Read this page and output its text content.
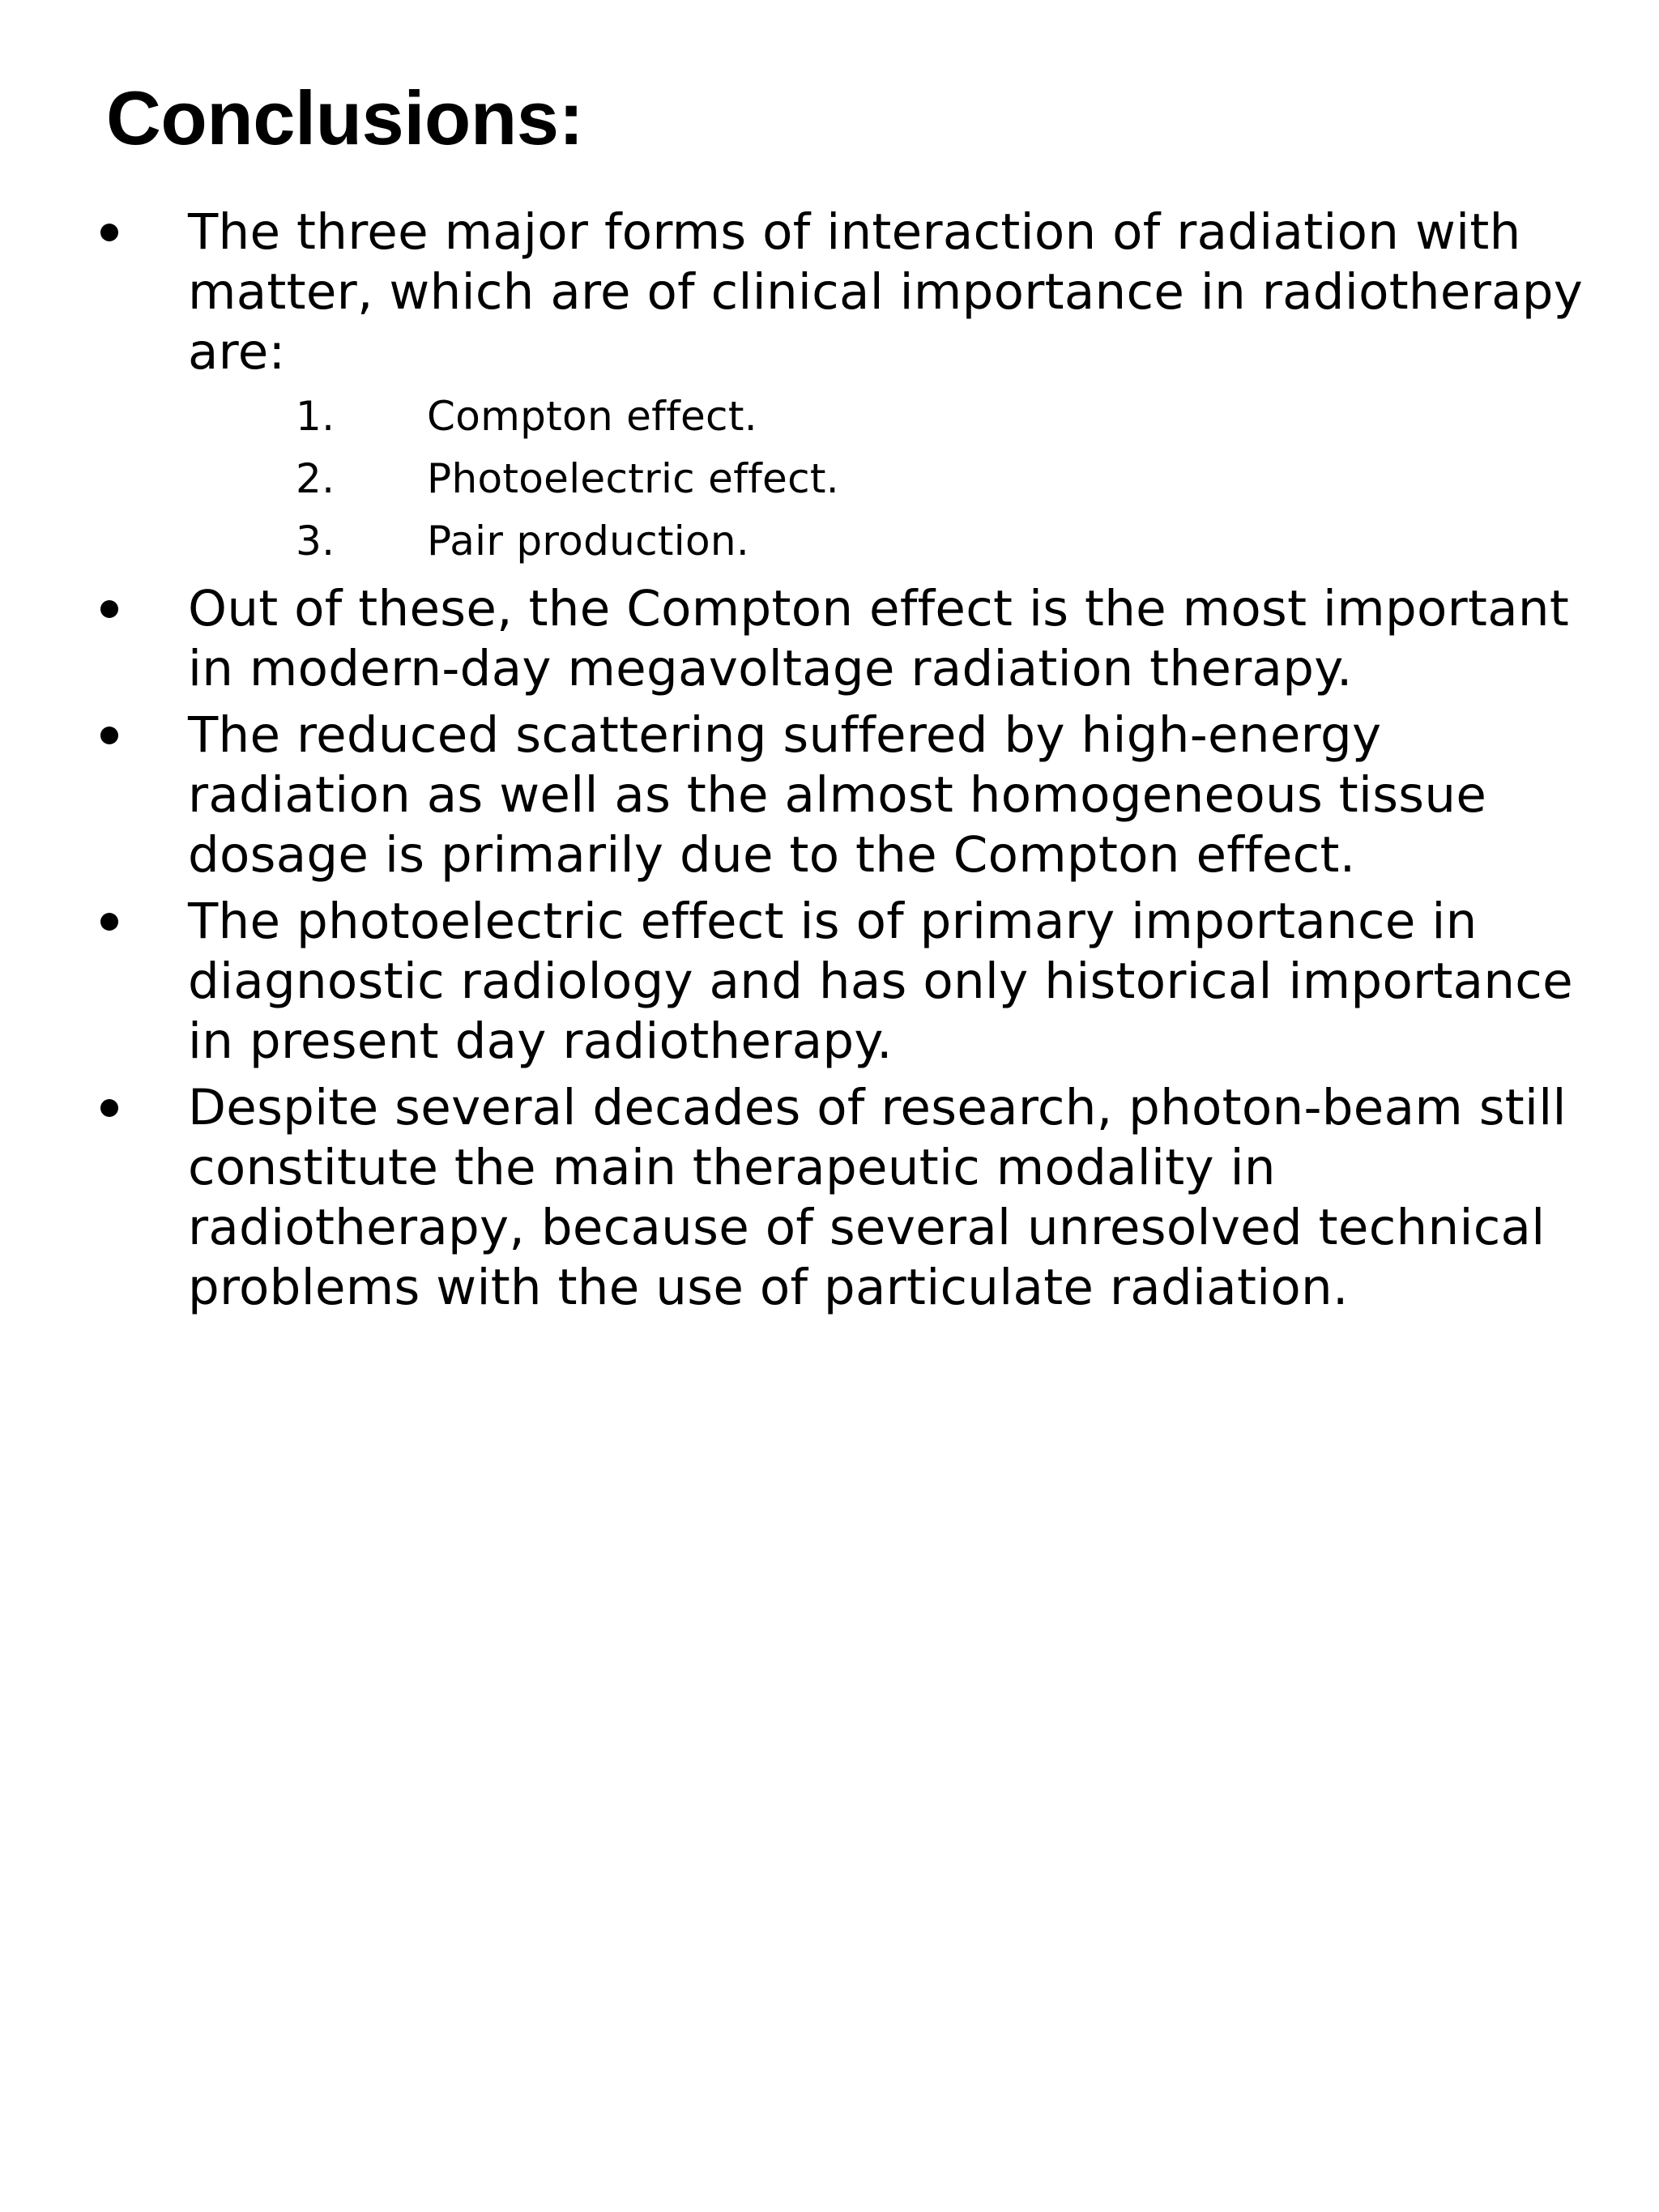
Conclusions:
The three major forms of interaction of radiation with matter, which are of clinical importance in radiotherapy are:
1. Compton effect.
2. Photoelectric effect.
3. Pair production.
Out of these, the Compton effect is the most important in modern-day megavoltage radiation therapy.
The reduced scattering suffered by high-energy radiation as well as the almost homogeneous tissue dosage is primarily due to the Compton effect.
The photoelectric effect is of primary importance in diagnostic radiology and has only historical importance in present day radiotherapy.
Despite several decades of research, photon-beam still constitute the main therapeutic modality in radiotherapy, because of several unresolved technical problems with the use of particulate radiation.
